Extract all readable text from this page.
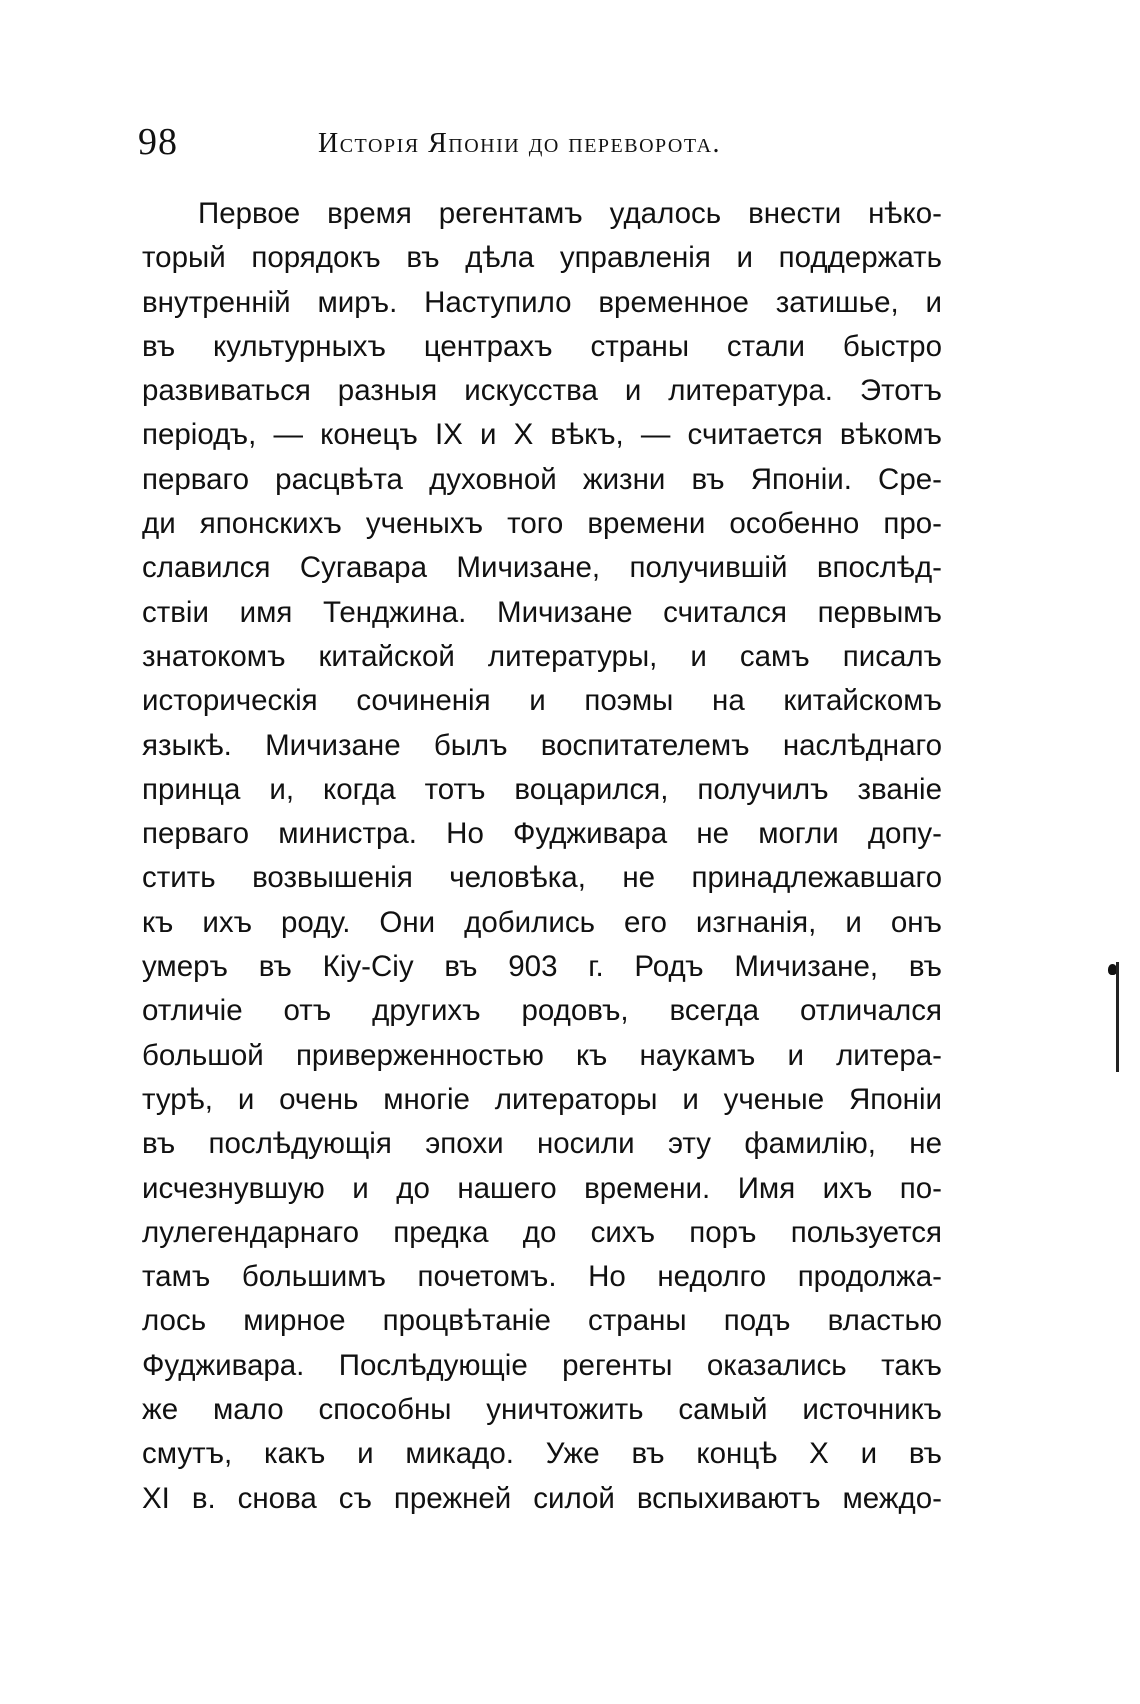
98	Исторія Японіи до переворота.
Первое время регентамъ удалось внести нѣко-
торый порядокъ въ дѣла управленія и поддержать
внутренній миръ. Наступило временное затишье, и
въ культурныхъ центрахъ страны стали быстро
развиваться разныя искусства и литература. Этотъ
періодъ, — конецъ IX и X вѣкъ, — считается вѣкомъ
перваго расцвѣта духовной жизни въ Японіи. Сре-
ди японскихъ ученыхъ того времени особенно про-
славился Сугавара Мичизане, получившій впослѣд-
ствіи имя Тенджина. Мичизане считался первымъ
знатокомъ китайской литературы, и самъ писалъ
историческія сочиненія и поэмы на китайскомъ
языкѣ. Мичизане былъ воспитателемъ наслѣднаго
принца и, когда тотъ воцарился, получилъ званіе
перваго министра. Но Фудживара не могли допу-
стить возвышенія человѣка, не принадлежавшаго
къ ихъ роду. Они добились его изгнанія, и онъ
умеръ въ Кіу-Сіу въ 903 г. Родъ Мичизане, въ
отличіе отъ другихъ родовъ, всегда отличался
большой приверженностью къ наукамъ и литера-
турѣ, и очень многіе литераторы и ученые Японіи
въ послѣдующія эпохи носили эту фамилію, не
исчезнувшую и до нашего времени. Имя ихъ по-
лулегендарнаго предка до сихъ поръ пользуется
тамъ большимъ почетомъ. Но недолго продолжа-
лось мирное процвѣтаніе страны подъ властью
Фудживара. Послѣдующіе регенты оказались такъ
же мало способны уничтожить самый источникъ
смутъ, какъ и микадо. Уже въ концѣ X и въ
XI в. снова съ прежней силой вспыхиваютъ междо-
